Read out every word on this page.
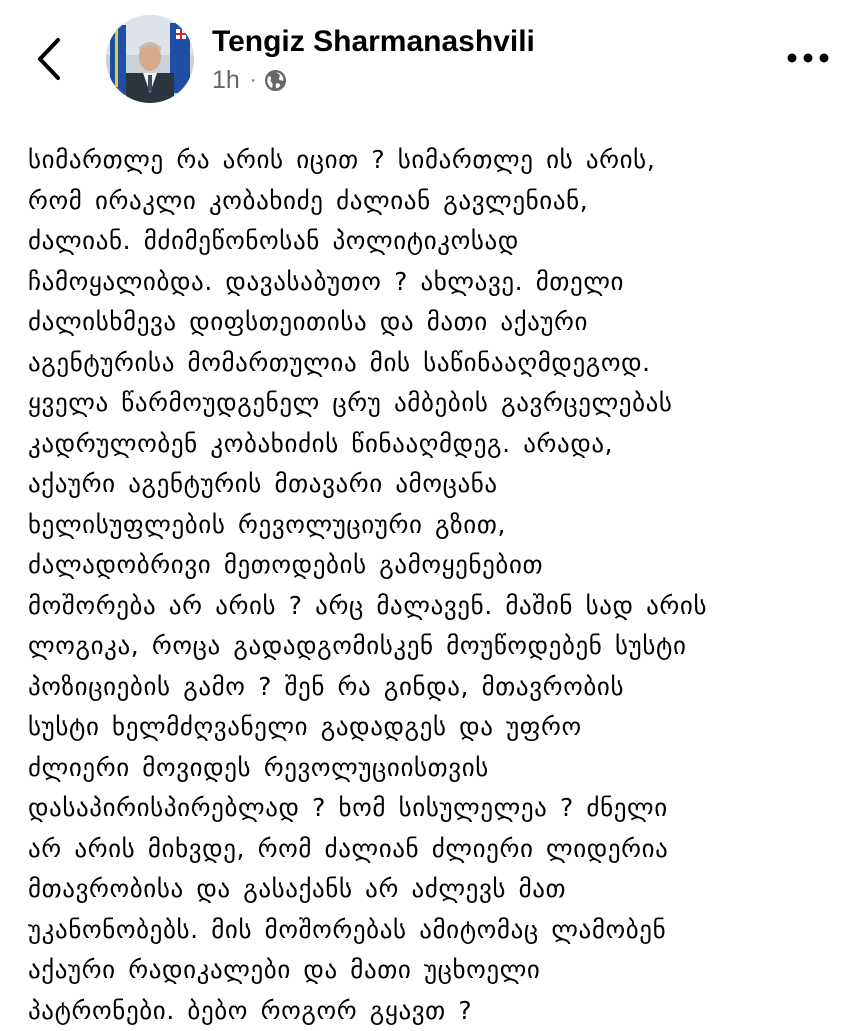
Tengiz Sharmanashvili
1h ·
სიმართლე რა არის იცით ? სიმართლე ის არის,
რომ ირაკლი კობახიძე ძალიან გავლენიან,
ძალიან. მძიმეწონოსან პოლიტიკოსად
ჩამოყალიბდა. დავასაბუთო ? ახლავე. მთელი
ძალისხმევა დიფსთეითისა და მათი აქაური
აგენტურისა მომართულია მის საწინააღმდეგოდ.
ყველა წარმოუდგენელ ცრუ ამბების გავრცელებას
კადრულობენ კობახიძის წინააღმდეგ. არადა,
აქაური აგენტურის მთავარი ამოცანა
ხელისუფლების რევოლუციური გზით,
ძალადობრივი მეთოდების გამოყენებით
მოშორება არ არის ? არც მალავენ. მაშინ სად არის
ლოგიკა, როცა გადადგომისკენ მოუწოდებენ სუსტი
პოზიციების გამო ? შენ რა გინდა, მთავრობის
სუსტი ხელმძღვანელი გადადგეს და უფრო
ძლიერი მოვიდეს რევოლუციისთვის
დასაპირისპირებლად ? ხომ სისულელეა ? ძნელი
არ არის მიხვდე, რომ ძალიან ძლიერი ლიდერია
მთავრობისა და გასაქანს არ აძლევს მათ
უკანონობებს. მის მოშორებას ამიტომაც ლამობენ
აქაური რადიკალები და მათი უცხოელი
პატრონები. ბებო როგორ გყავთ ?
